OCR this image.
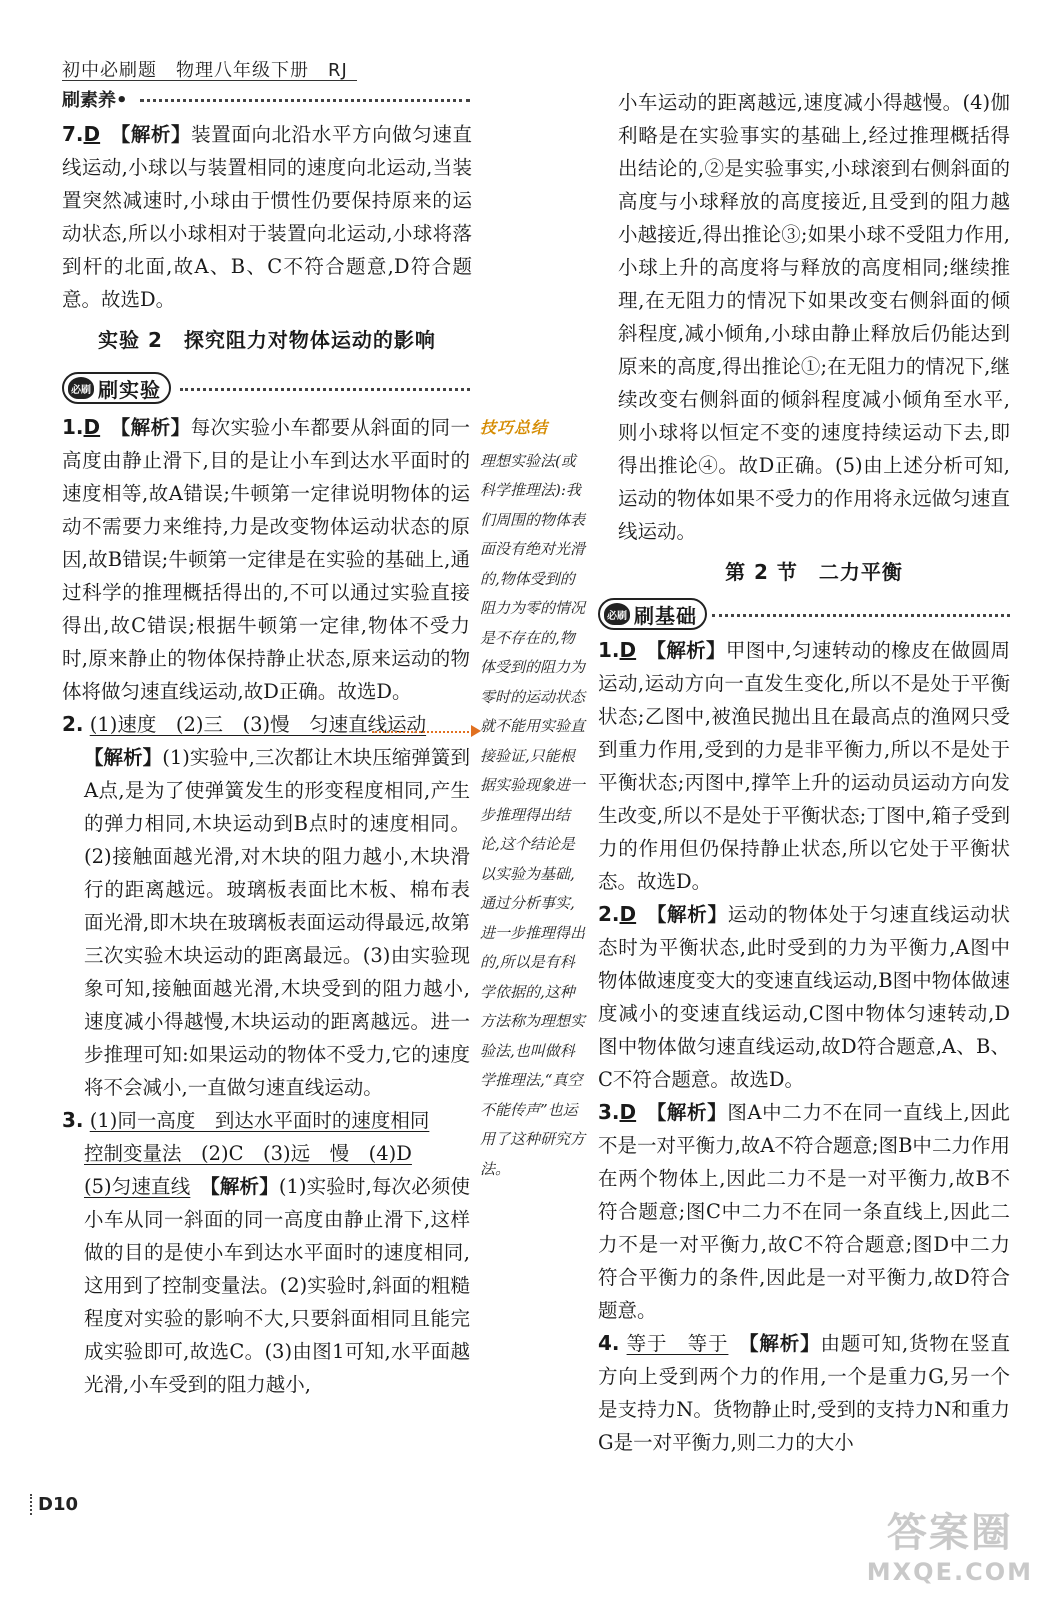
初中必刷题　物理八年级下册　RJ
刷素养•

7.D 【解析】装置面向北沿水平方向做匀速直线运动,小球以与装置相同的速度向北运动,当装置突然减速时,小球由于惯性仍要保持原来的运动状态,所以小球相对于装置向北运动,小球将落到杆的北面,故A、B、C不符合题意,D符合题意。故选D。

实验 2　探究阻力对物体运动的影响

必刷 刷实验

1.D 【解析】每次实验小车都要从斜面的同一高度由静止滑下,目的是让小车到达水平面时的速度相等,故A错误;牛顿第一定律说明物体的运动不需要力来维持,力是改变物体运动状态的原因,故B错误;牛顿第一定律是在实验的基础上,通过科学的推理概括得出的,不可以通过实验直接得出,故C错误;根据牛顿第一定律,物体不受力时,原来静止的物体保持静止状态,原来运动的物体将做匀速直线运动,故D正确。故选D。

2. (1)速度　(2)三　(3)慢　匀速直线运动

【解析】(1)实验中,三次都让木块压缩弹簧到A点,是为了使弹簧发生的形变程度相同,产生的弹力相同,木块运动到B点时的速度相同。(2)接触面越光滑,对木块的阻力越小,木块滑行的距离越远。玻璃板表面比木板、棉布表面光滑,即木块在玻璃板表面运动得最远,故第三次实验木块运动的距离最远。(3)由实验现象可知,接触面越光滑,木块受到的阻力越小,速度减小得越慢,木块运动的距离越远。进一步推理可知:如果运动的物体不受力,它的速度将不会减小,一直做匀速直线运动。

3. (1)同一高度　到达水平面时的速度相同

控制变量法　(2)C　(3)远　慢　(4)D

(5)匀速直线　 【解析】(1)实验时,每次必须使小车从同一斜面的同一高度由静止滑下,这样做的目的是使小车到达水平面时的速度相同,这用到了控制变量法。(2)实验时,斜面的粗糙程度对实验的影响不大,只要斜面相同且能完成实验即可,故选C。(3)由图1可知,水平面越光滑,小车受到的阻力越小,

技巧总结
理想实验法(或科学推理法):我们周围的物体表面没有绝对光滑的,物体受到的阻力为零的情况是不存在的,物体受到的阻力为零时的运动状态就不能用实验直接验证,只能根据实验现象进一步推理得出结论,这个结论是以实验为基础,通过分析事实,进一步推理得出的,所以是有科学依据的,这种方法称为理想实验法,也叫做科学推理法,“真空不能传声”也运用了这种研究方法。

小车运动的距离越远,速度减小得越慢。(4)伽利略是在实验事实的基础上,经过推理概括得出结论的,②是实验事实,小球滚到右侧斜面的高度与小球释放的高度接近,且受到的阻力越小越接近,得出推论③;如果小球不受阻力作用,小球上升的高度将与释放的高度相同;继续推理,在无阻力的情况下如果改变右侧斜面的倾斜程度,减小倾角,小球由静止释放后仍能达到原来的高度,得出推论①;在无阻力的情况下,继续改变右侧斜面的倾斜程度减小倾角至水平,则小球将以恒定不变的速度持续运动下去,即得出推论④。故D正确。(5)由上述分析可知,运动的物体如果不受力的作用将永远做匀速直线运动。

第 2 节　二力平衡

必刷 刷基础

1.D 【解析】甲图中,匀速转动的橡皮在做圆周运动,运动方向一直发生变化,所以不是处于平衡状态;乙图中,被渔民抛出且在最高点的渔网只受到重力作用,受到的力是非平衡力,所以不是处于平衡状态;丙图中,撑竿上升的运动员运动方向发生改变,所以不是处于平衡状态;丁图中,箱子受到力的作用但仍保持静止状态,所以它处于平衡状态。故选D。

2.D 【解析】运动的物体处于匀速直线运动状态时为平衡状态,此时受到的力为平衡力,A图中物体做速度变大的变速直线运动,B图中物体做速度减小的变速直线运动,C图中物体匀速转动,D图中物体做匀速直线运动,故D符合题意,A、B、C不符合题意。故选D。

3.D 【解析】图A中二力不在同一直线上,因此不是一对平衡力,故A不符合题意;图B中二力作用在两个物体上,因此二力不是一对平衡力,故B不符合题意;图C中二力不在同一条直线上,因此二力不是一对平衡力,故C不符合题意;图D中二力符合平衡力的条件,因此是一对平衡力,故D符合题意。

4. 等于　等于　 【解析】由题可知,货物在竖直方向上受到两个力的作用,一个是重力G,另一个是支持力N。货物静止时,受到的支持力N和重力G是一对平衡力,则二力的大小

D10
答案圈
MXQE.COM
